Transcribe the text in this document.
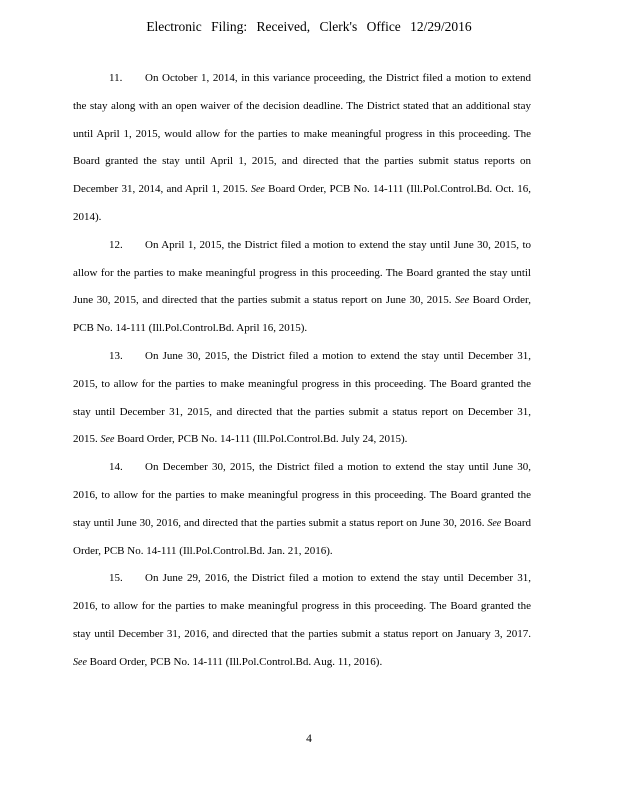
Electronic Filing: Received, Clerk's Office 12/29/2016

11. On October 1, 2014, in this variance proceeding, the District filed a motion to extend the stay along with an open waiver of the decision deadline. The District stated that an additional stay until April 1, 2015, would allow for the parties to make meaningful progress in this proceeding. The Board granted the stay until April 1, 2015, and directed that the parties submit status reports on December 31, 2014, and April 1, 2015. See Board Order, PCB No. 14-111 (Ill.Pol.Control.Bd. Oct. 16, 2014).

12. On April 1, 2015, the District filed a motion to extend the stay until June 30, 2015, to allow for the parties to make meaningful progress in this proceeding. The Board granted the stay until June 30, 2015, and directed that the parties submit a status report on June 30, 2015. See Board Order, PCB No. 14-111 (Ill.Pol.Control.Bd. April 16, 2015).

13. On June 30, 2015, the District filed a motion to extend the stay until December 31, 2015, to allow for the parties to make meaningful progress in this proceeding. The Board granted the stay until December 31, 2015, and directed that the parties submit a status report on December 31, 2015. See Board Order, PCB No. 14-111 (Ill.Pol.Control.Bd. July 24, 2015).

14. On December 30, 2015, the District filed a motion to extend the stay until June 30, 2016, to allow for the parties to make meaningful progress in this proceeding. The Board granted the stay until June 30, 2016, and directed that the parties submit a status report on June 30, 2016. See Board Order, PCB No. 14-111 (Ill.Pol.Control.Bd. Jan. 21, 2016).

15. On June 29, 2016, the District filed a motion to extend the stay until December 31, 2016, to allow for the parties to make meaningful progress in this proceeding. The Board granted the stay until December 31, 2016, and directed that the parties submit a status report on January 3, 2017. See Board Order, PCB No. 14-111 (Ill.Pol.Control.Bd. Aug. 11, 2016).

4
